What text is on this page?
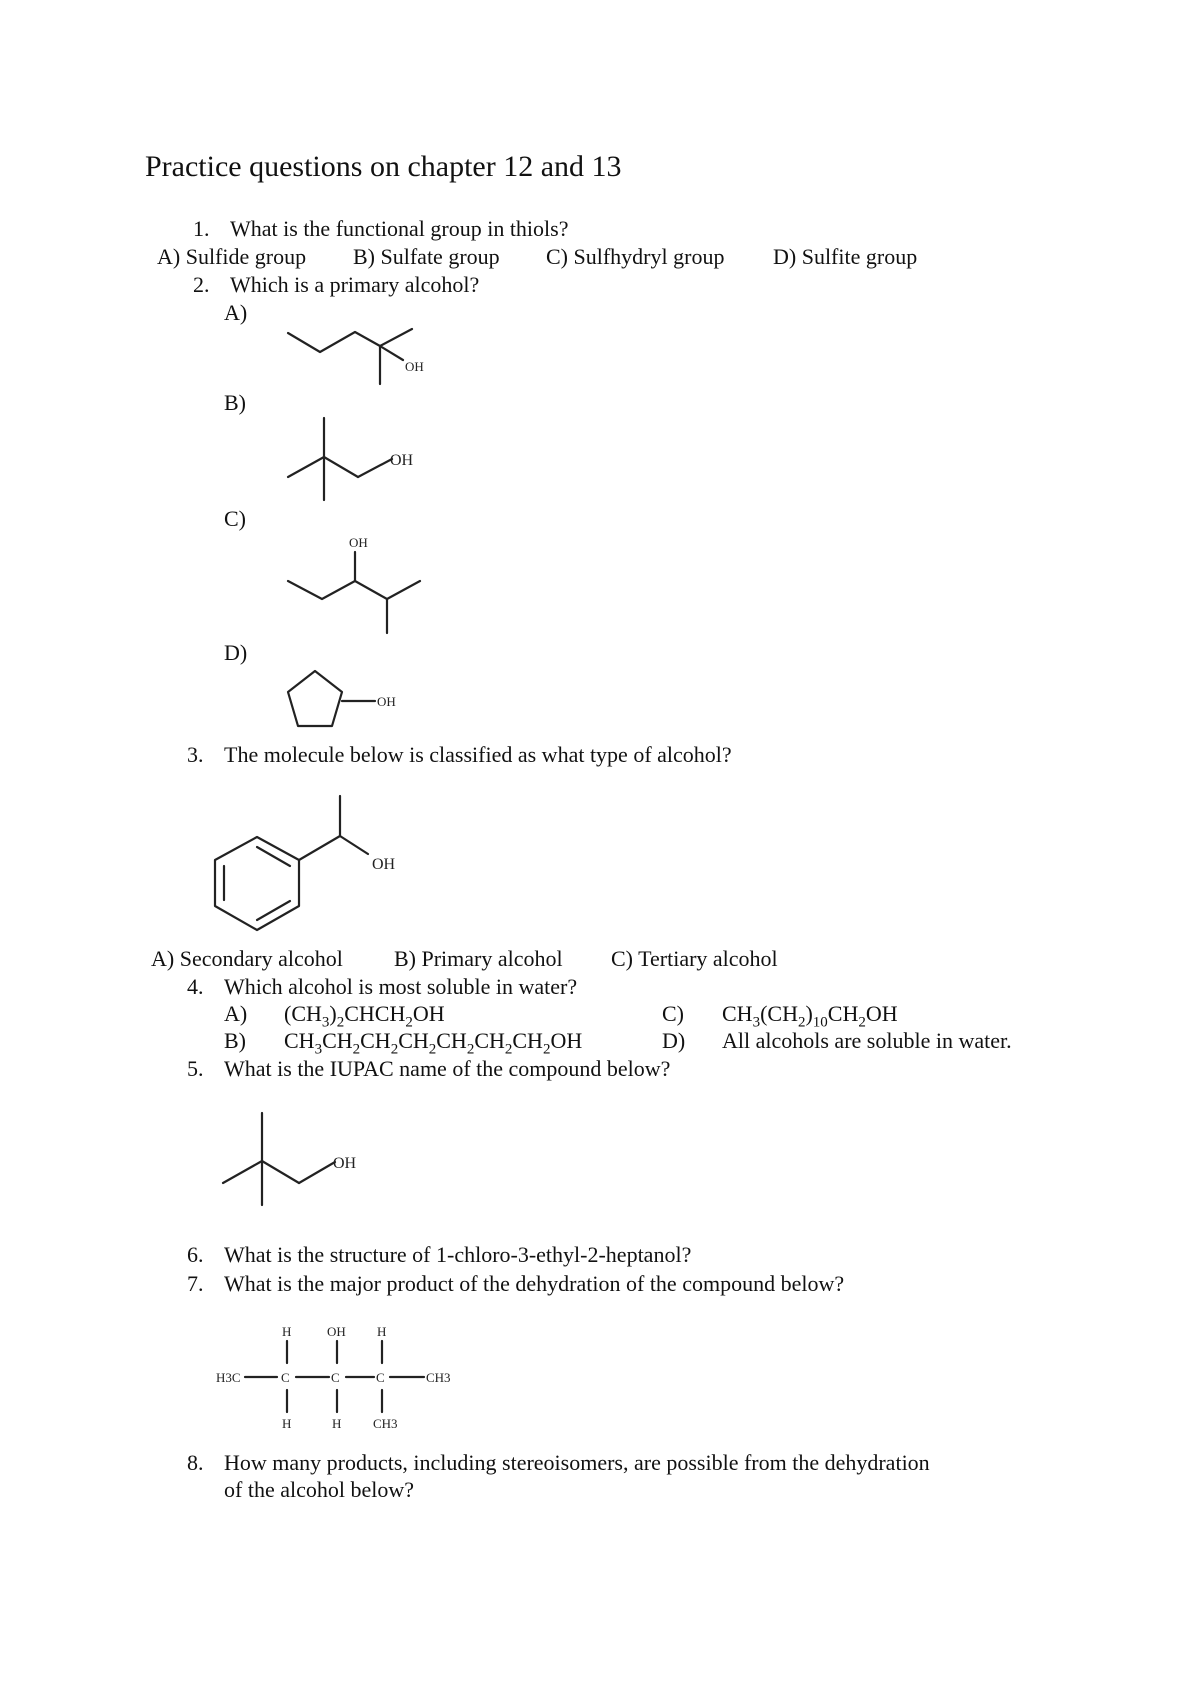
Practice questions on chapter 12 and 13
1. What is the functional group in thiols?
A) Sulfide group B) Sulfate group C) Sulfhydryl group D) Sulfite group
2. Which is a primary alcohol?
A)
OH
B)
OH
C)
OH
D)
OH
3. The molecule below is classified as what type of alcohol?
OH
A) Secondary alcohol B) Primary alcohol C) Tertiary alcohol
4. Which alcohol is most soluble in water?
A) $(CH_3)_2CHCH_2OH$	C) $CH_3(CH_2)_{10}CH_2OH$
B) $CH_3CH_2CH_2CH_2CH_2CH_2CH_2OH$	D) All alcohols are soluble in water.
5. What is the IUPAC name of the compound below?
OH
6. What is the structure of 1-chloro-3-ethyl-2-heptanol?
7. What is the major product of the dehydration of the compound below?
H	OH H
H3C	C	C	C	CH3
H	H CH3
8. How many products, including stereoisomers, are possible from the dehydration
of the alcohol below?
